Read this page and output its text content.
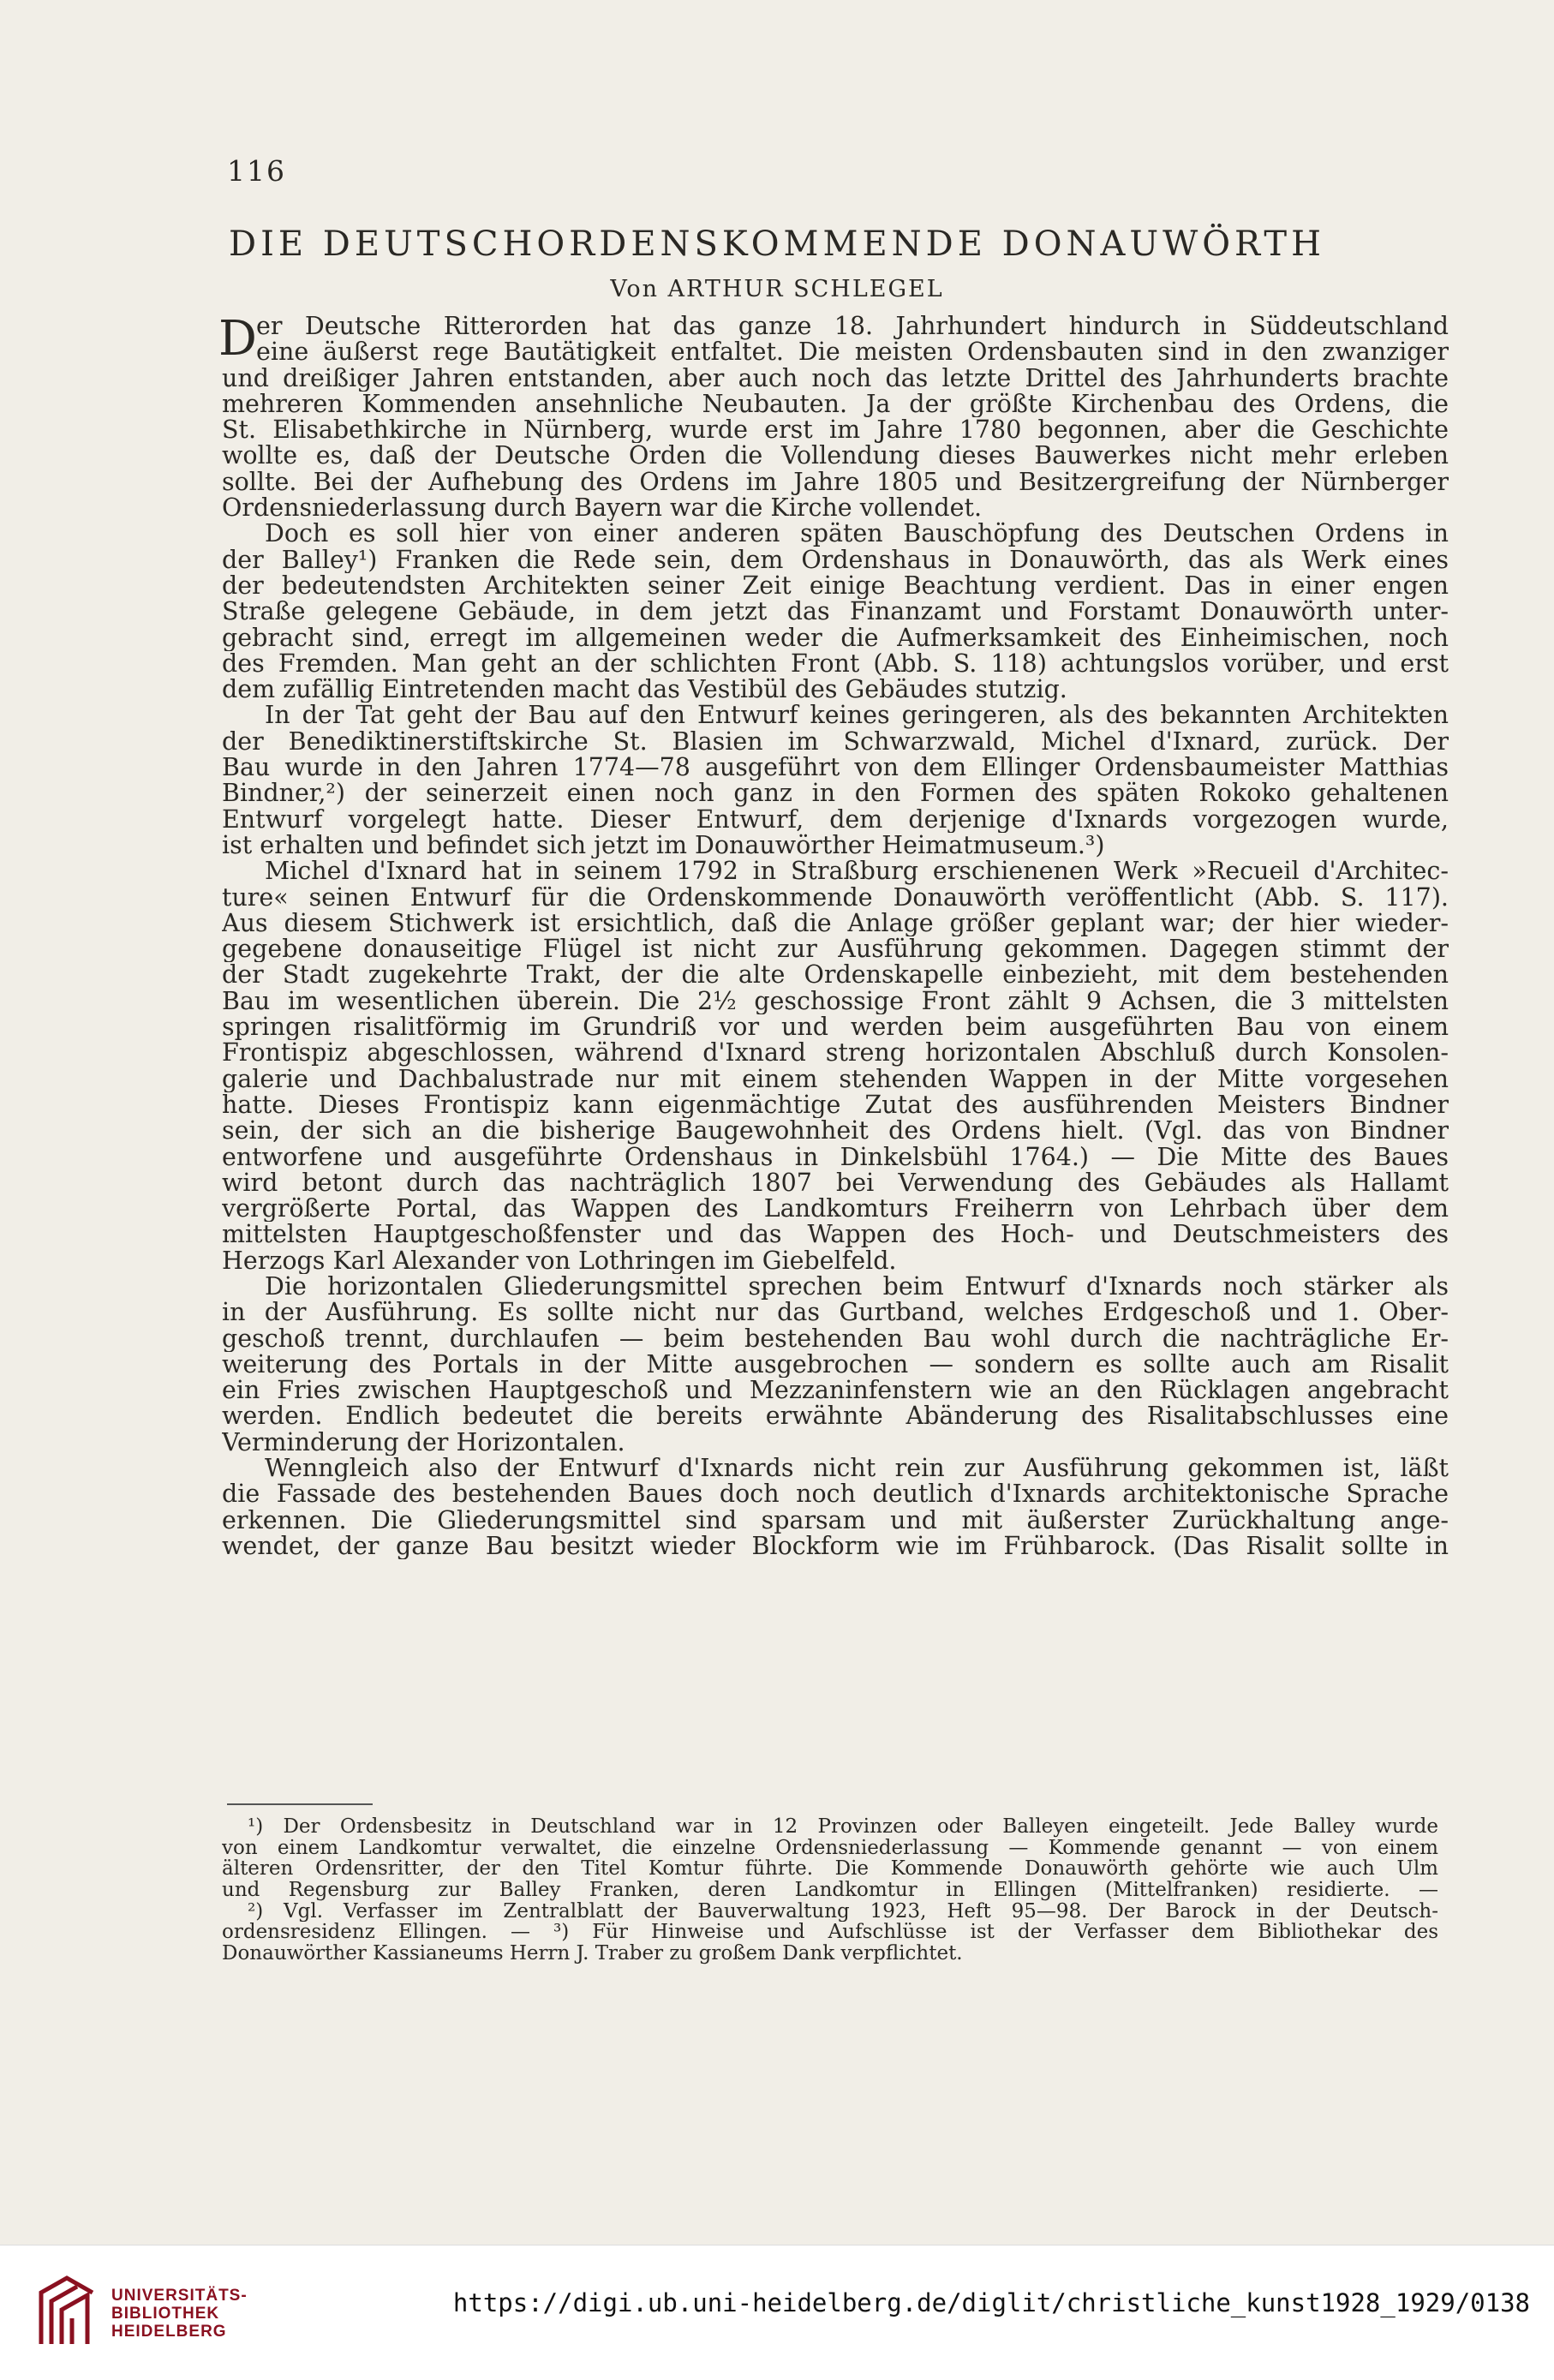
116
DIE DEUTSCHORDENSKOMMENDE DONAUWÖRTH
Von ARTHUR SCHLEGEL
D er Deutsche Ritterorden hat das ganze 18. Jahrhundert hindurch in Süddeutschland
eine äußerst rege Bautätigkeit entfaltet. Die meisten Ordensbauten sind in den zwanziger
und dreißiger Jahren entstanden, aber auch noch das letzte Drittel des Jahrhunderts brachte
mehreren Kommenden ansehnliche Neubauten. Ja der größte Kirchenbau des Ordens, die
St. Elisabethkirche in Nürnberg, wurde erst im Jahre 1780 begonnen, aber die Geschichte
wollte es, daß der Deutsche Orden die Vollendung dieses Bauwerkes nicht mehr erleben
sollte. Bei der Aufhebung des Ordens im Jahre 1805 und Besitzergreifung der Nürnberger
Ordensniederlassung durch Bayern war die Kirche vollendet.
Doch es soll hier von einer anderen späten Bauschöpfung des Deutschen Ordens in
der Balley¹) Franken die Rede sein, dem Ordenshaus in Donauwörth, das als Werk eines
der bedeutendsten Architekten seiner Zeit einige Beachtung verdient. Das in einer engen
Straße gelegene Gebäude, in dem jetzt das Finanzamt und Forstamt Donauwörth unter-
gebracht sind, erregt im allgemeinen weder die Aufmerksamkeit des Einheimischen, noch
des Fremden. Man geht an der schlichten Front (Abb. S. 118) achtungslos vorüber, und erst
dem zufällig Eintretenden macht das Vestibül des Gebäudes stutzig.
In der Tat geht der Bau auf den Entwurf keines geringeren, als des bekannten Architekten
der Benediktinerstiftskirche St. Blasien im Schwarzwald, Michel d'Ixnard, zurück. Der
Bau wurde in den Jahren 1774—78 ausgeführt von dem Ellinger Ordensbaumeister Matthias
Bindner,²) der seinerzeit einen noch ganz in den Formen des späten Rokoko gehaltenen
Entwurf vorgelegt hatte. Dieser Entwurf, dem derjenige d'Ixnards vorgezogen wurde,
ist erhalten und befindet sich jetzt im Donauwörther Heimatmuseum.³)
Michel d'Ixnard hat in seinem 1792 in Straßburg erschienenen Werk »Recueil d'Architec-
ture« seinen Entwurf für die Ordenskommende Donauwörth veröffentlicht (Abb. S. 117).
Aus diesem Stichwerk ist ersichtlich, daß die Anlage größer geplant war; der hier wieder-
gegebene donauseitige Flügel ist nicht zur Ausführung gekommen. Dagegen stimmt der
der Stadt zugekehrte Trakt, der die alte Ordenskapelle einbezieht, mit dem bestehenden
Bau im wesentlichen überein. Die 2½ geschossige Front zählt 9 Achsen, die 3 mittelsten
springen risalitförmig im Grundriß vor und werden beim ausgeführten Bau von einem
Frontispiz abgeschlossen, während d'Ixnard streng horizontalen Abschluß durch Konsolen-
galerie und Dachbalustrade nur mit einem stehenden Wappen in der Mitte vorgesehen
hatte. Dieses Frontispiz kann eigenmächtige Zutat des ausführenden Meisters Bindner
sein, der sich an die bisherige Baugewohnheit des Ordens hielt. (Vgl. das von Bindner
entworfene und ausgeführte Ordenshaus in Dinkelsbühl 1764.) — Die Mitte des Baues
wird betont durch das nachträglich 1807 bei Verwendung des Gebäudes als Hallamt
vergrößerte Portal, das Wappen des Landkomturs Freiherrn von Lehrbach über dem
mittelsten Hauptgeschoßfenster und das Wappen des Hoch- und Deutschmeisters des
Herzogs Karl Alexander von Lothringen im Giebelfeld.
Die horizontalen Gliederungsmittel sprechen beim Entwurf d'Ixnards noch stärker als
in der Ausführung. Es sollte nicht nur das Gurtband, welches Erdgeschoß und 1. Ober-
geschoß trennt, durchlaufen — beim bestehenden Bau wohl durch die nachträgliche Er-
weiterung des Portals in der Mitte ausgebrochen — sondern es sollte auch am Risalit
ein Fries zwischen Hauptgeschoß und Mezzaninfenstern wie an den Rücklagen angebracht
werden. Endlich bedeutet die bereits erwähnte Abänderung des Risalitabschlusses eine
Verminderung der Horizontalen.
Wenngleich also der Entwurf d'Ixnards nicht rein zur Ausführung gekommen ist, läßt
die Fassade des bestehenden Baues doch noch deutlich d'Ixnards architektonische Sprache
erkennen. Die Gliederungsmittel sind sparsam und mit äußerster Zurückhaltung ange-
wendet, der ganze Bau besitzt wieder Blockform wie im Frühbarock. (Das Risalit sollte in
¹) Der Ordensbesitz in Deutschland war in 12 Provinzen oder Balleyen eingeteilt. Jede Balley wurde
von einem Landkomtur verwaltet, die einzelne Ordensniederlassung — Kommende genannt — von einem
älteren Ordensritter, der den Titel Komtur führte. Die Kommende Donauwörth gehörte wie auch Ulm
und Regensburg zur Balley Franken, deren Landkomtur in Ellingen (Mittelfranken) residierte. —
²) Vgl. Verfasser im Zentralblatt der Bauverwaltung 1923, Heft 95—98. Der Barock in der Deutsch-
ordensresidenz Ellingen. — ³) Für Hinweise und Aufschlüsse ist der Verfasser dem Bibliothekar des
Donauwörther Kassianeums Herrn J. Traber zu großem Dank verpflichtet.
UNIVERSITÄTS-
BIBLIOTHEK
HEIDELBERG
https://digi.ub.uni-heidelberg.de/diglit/christliche_kunst1928_1929/0138
